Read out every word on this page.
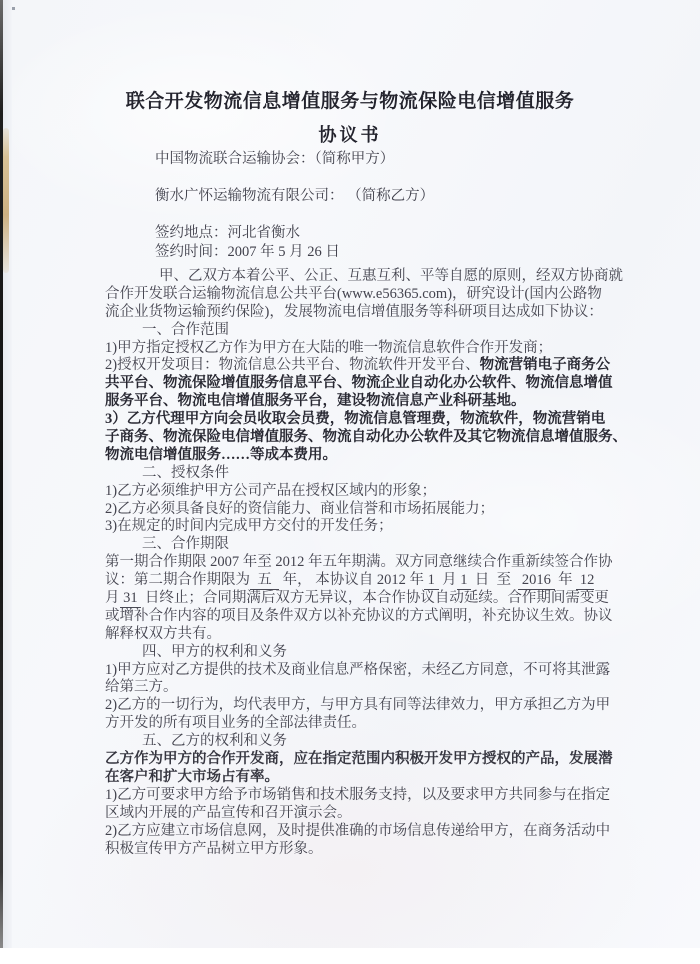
联合开发物流信息增值服务与物流保险电信增值服务
协议书
中国物流联合运输协会：（简称甲方）
衡水广怀运输物流有限公司： （简称乙方）
签约地点：河北省衡水
签约时间：2007 年 5 月 26 日
甲、乙双方本着公平、公正、互惠互利、平等自愿的原则，经双方协商就
合作开发联合运输物流信息公共平台(www.e56365.com)，研究设计(国内公路物
流企业货物运输预约保险)，发展物流电信增值服务等科研项目达成如下协议：
一、合作范围
1)甲方指定授权乙方作为甲方在大陆的唯一物流信息软件合作开发商；
2)授权开发项目：物流信息公共平台、物流软件开发平台、物流营销电子商务公
共平台、物流保险增值服务信息平台、物流企业自动化办公软件、物流信息增值
服务平台、物流电信增值服务平台，建设物流信息产业科研基地。
3）乙方代理甲方向会员收取会员费，物流信息管理费，物流软件，物流营销电
子商务、物流保险电信增值服务、物流自动化办公软件及其它物流信息增值服务、
物流电信增值服务……等成本费用。
二、授权条件
1)乙方必须维护甲方公司产品在授权区域内的形象；
2)乙方必须具备良好的资信能力、商业信誉和市场拓展能力；
3)在规定的时间内完成甲方交付的开发任务；
三、合作期限
第一期合作期限 2007 年至 2012 年五年期满。双方同意继续合作重新续签合作协
议：第二期合作期限为  五   年， 本协议自 2012 年 1  月 1  日  至   2016  年  12
月 31  日终止；合同期满后双方无异议，本合作协议自动延续。合作期间需变更
或增补合作内容的项目及条件双方以补充协议的方式阐明，补充协议生效。协议
解释权双方共有。
四、甲方的权利和义务
1)甲方应对乙方提供的技术及商业信息严格保密，未经乙方同意，不可将其泄露
给第三方。
2)乙方的一切行为，均代表甲方，与甲方具有同等法律效力，甲方承担乙方为甲
方开发的所有项目业务的全部法律责任。
五、乙方的权利和义务
乙方作为甲方的合作开发商，应在指定范围内积极开发甲方授权的产品，发展潜
在客户和扩大市场占有率。
1)乙方可要求甲方给予市场销售和技术服务支持，以及要求甲方共同参与在指定
区域内开展的产品宣传和召开演示会。
2)乙方应建立市场信息网，及时提供准确的市场信息传递给甲方，在商务活动中
积极宣传甲方产品树立甲方形象。
